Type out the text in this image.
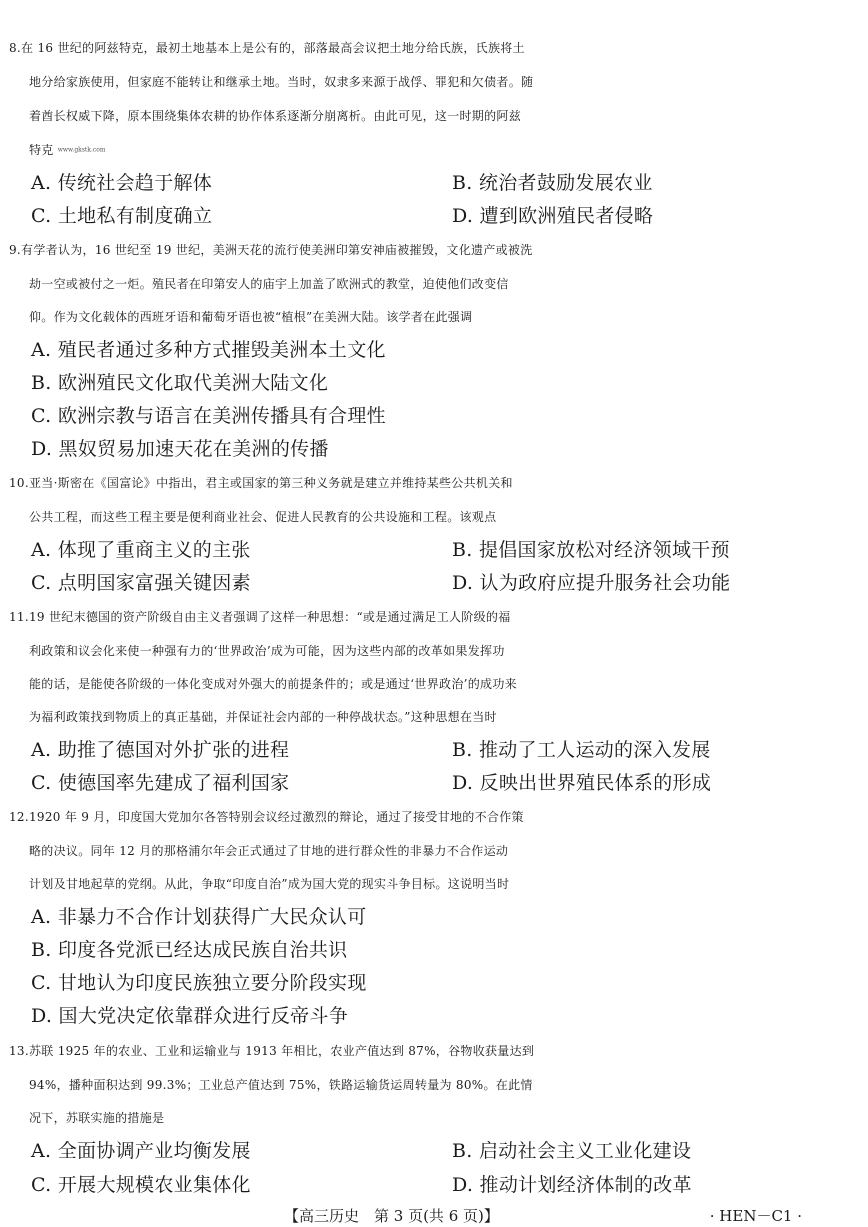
8.在 16 世纪的阿兹特克，最初土地基本上是公有的，部落最高会议把土地分给氏族，氏族将土
地分给家族使用，但家庭不能转让和继承土地。当时，奴隶多来源于战俘、罪犯和欠债者。随
着酋长权威下降，原本围绕集体农耕的协作体系逐渐分崩离析。由此可见，这一时期的阿兹
特克 www.gkstk.com
A. 传统社会趋于解体	B. 统治者鼓励发展农业
C. 土地私有制度确立	D. 遭到欧洲殖民者侵略
9.有学者认为，16 世纪至 19 世纪，美洲天花的流行使美洲印第安神庙被摧毁，文化遗产或被洗
劫一空或被付之一炬。殖民者在印第安人的庙宇上加盖了欧洲式的教堂，迫使他们改变信
仰。作为文化载体的西班牙语和葡萄牙语也被“植根”在美洲大陆。该学者在此强调
A. 殖民者通过多种方式摧毁美洲本土文化
B. 欧洲殖民文化取代美洲大陆文化
C. 欧洲宗教与语言在美洲传播具有合理性
D. 黑奴贸易加速天花在美洲的传播
10.亚当·斯密在《国富论》中指出，君主或国家的第三种义务就是建立并维持某些公共机关和
公共工程，而这些工程主要是便利商业社会、促进人民教育的公共设施和工程。该观点
A. 体现了重商主义的主张	B. 提倡国家放松对经济领域干预
C. 点明国家富强关键因素	D. 认为政府应提升服务社会功能
11.19 世纪末德国的资产阶级自由主义者强调了这样一种思想：“或是通过满足工人阶级的福
利政策和议会化来使一种强有力的‘世界政治’成为可能，因为这些内部的改革如果发挥功
能的话，是能使各阶级的一体化变成对外强大的前提条件的；或是通过‘世界政治’的成功来
为福利政策找到物质上的真正基础，并保证社会内部的一种停战状态。”这种思想在当时
A. 助推了德国对外扩张的进程	B. 推动了工人运动的深入发展
C. 使德国率先建成了福利国家	D. 反映出世界殖民体系的形成
12.1920 年 9 月，印度国大党加尔各答特别会议经过激烈的辩论，通过了接受甘地的不合作策
略的决议。同年 12 月的那格浦尔年会正式通过了甘地的进行群众性的非暴力不合作运动
计划及甘地起草的党纲。从此，争取“印度自治”成为国大党的现实斗争目标。这说明当时
A. 非暴力不合作计划获得广大民众认可
B. 印度各党派已经达成民族自治共识
C. 甘地认为印度民族独立要分阶段实现
D. 国大党决定依靠群众进行反帝斗争
13.苏联 1925 年的农业、工业和运输业与 1913 年相比，农业产值达到 87%，谷物收获量达到
94%，播种面积达到 99.3%；工业总产值达到 75%，铁路运输货运周转量为 80%。在此情
况下，苏联实施的措施是
A. 全面协调产业均衡发展	B. 启动社会主义工业化建设
C. 开展大规模农业集体化	D. 推动计划经济体制的改革
【高三历史　第 3 页(共 6 页)】	· HEN－C1 ·
